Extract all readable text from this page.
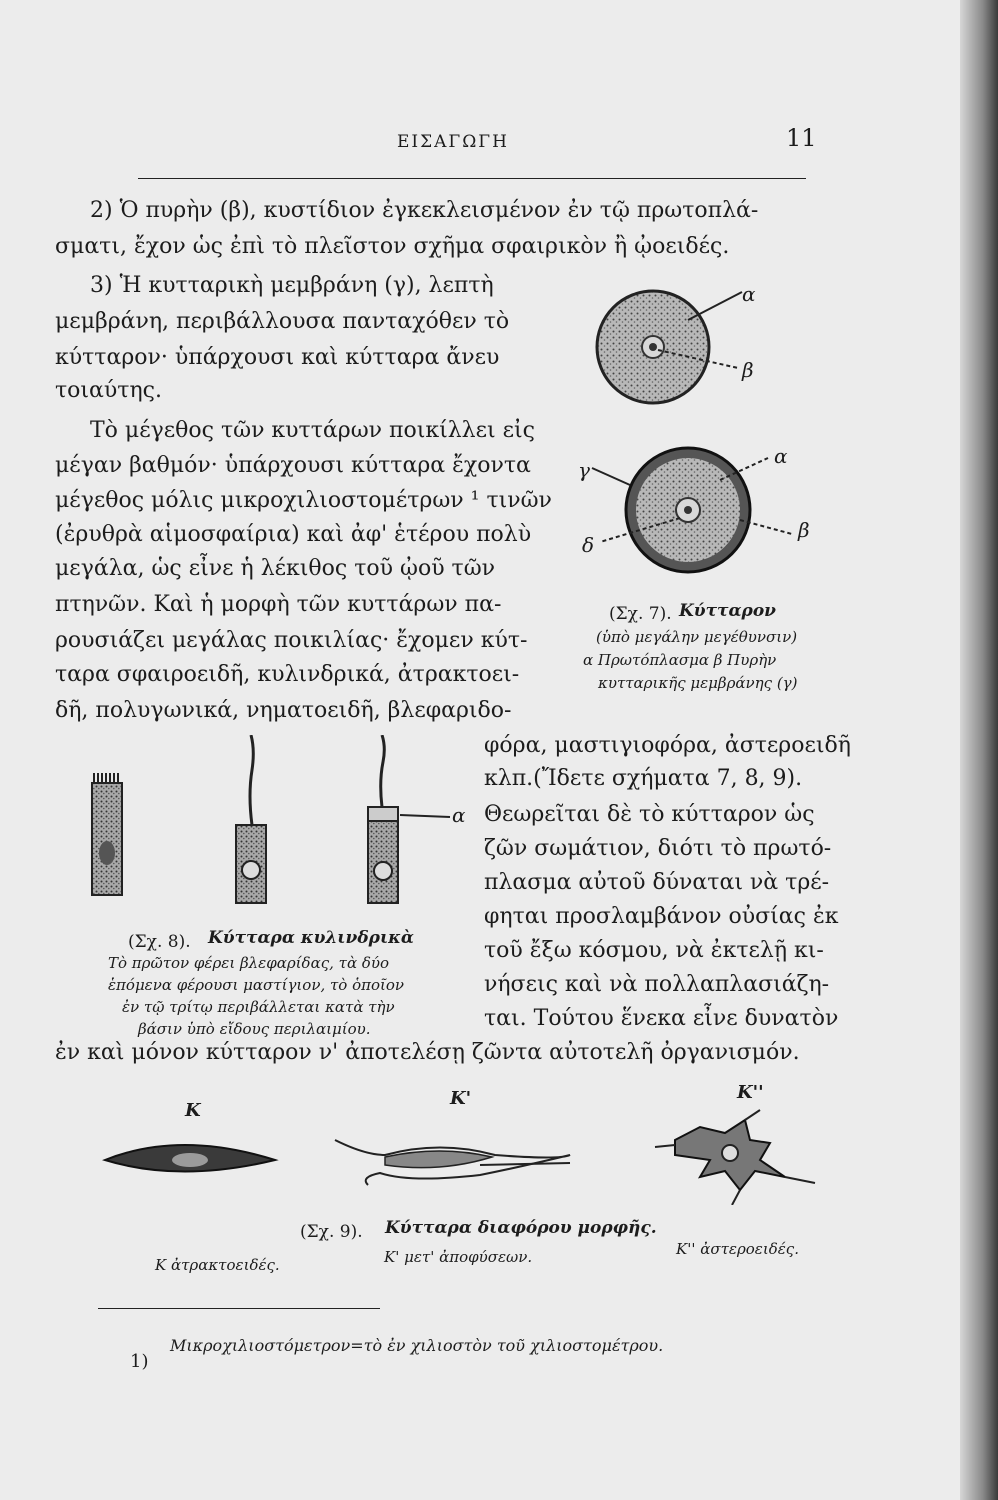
ΕΙΣΑΓΩΓΗ	11
2) Ὁ πυρὴν (β), κυστίδιον ἐγκεκλεισμένον ἐν τῷ πρωτοπλά-
σματι, ἔχον ὡς ἐπὶ τὸ πλεῖστον σχῆμα σφαιρικὸν ἢ ᾠοειδές.
3) Ἡ κυτταρικὴ μεμβράνη (γ), λεπτὴ
μεμβράνη, περιβάλλουσα πανταχόθεν τὸ
κύτταρον· ὑπάρχουσι καὶ κύτταρα ἄνευ
τοιαύτης.
Τὸ μέγεθος τῶν κυττάρων ποικίλλει εἰς
μέγαν βαθμόν· ὑπάρχουσι κύτταρα ἔχοντα
μέγεθος μόλις μικροχιλιοστομέτρων ¹ τινῶν
(ἐρυθρὰ αἱμοσφαίρια) καὶ ἀφ' ἑτέρου πολὺ
μεγάλα, ὡς εἶνε ἡ λέκιθος τοῦ ᾠοῦ τῶν
πτηνῶν. Καὶ ἡ μορφὴ τῶν κυττάρων πα-
ρουσιάζει μεγάλας ποικιλίας· ἔχομεν κύτ-
ταρα σφαιροειδῆ, κυλινδρικά, ἀτρακτοει-
δῆ, πολυγωνικά, νηματοειδῆ, βλεφαριδο-
φόρα, μαστιγιοφόρα, ἀστεροειδῆ
κλπ.(Ἴδετε σχήματα 7, 8, 9).
Θεωρεῖται δὲ τὸ κύτταρον ὡς
ζῶν σωμάτιον, διότι τὸ πρωτό-
πλασμα αὐτοῦ δύναται νὰ τρέ-
φηται προσλαμβάνον οὐσίας ἐκ
τοῦ ἔξω κόσμου, νὰ ἐκτελῇ κι-
νήσεις καὶ νὰ πολλαπλασιάζη-
ται. Τούτου ἕνεκα εἶνε δυνατὸν
ἐν καὶ μόνον κύτταρον ν' ἀποτελέσῃ ζῶντα αὐτοτελῆ ὀργανισμόν.
α
β
γ
α
δ
β
(Σχ. 7). Κύτταρον
(ὑπὸ μεγάλην μεγέθυνσιν)
α Πρωτόπλασμα β Πυρὴν
κυτταρικῆς μεμβράνης (γ)
α
(Σχ. 8). Κύτταρα κυλινδρικὰ
Τὸ πρῶτον φέρει βλεφαρίδας, τὰ δύο
ἑπόμενα φέρουσι μαστίγιον, τὸ ὁποῖον
ἐν τῷ τρίτῳ περιβάλλεται κατὰ τὴν
βάσιν ὑπὸ εἴδους περιλαιμίου.
Κ
Κ'	Κ''
(Σχ. 9). Κύτταρα διαφόρου μορφῆς.
Κ ἀτρακτοειδές.	Κ' μετ' ἀποφύσεων.	Κ'' ἀστεροειδές.
1)
Μικροχιλιοστόμετρον=τὸ ἐν χιλιοστὸν τοῦ χιλιοστομέτρου.
